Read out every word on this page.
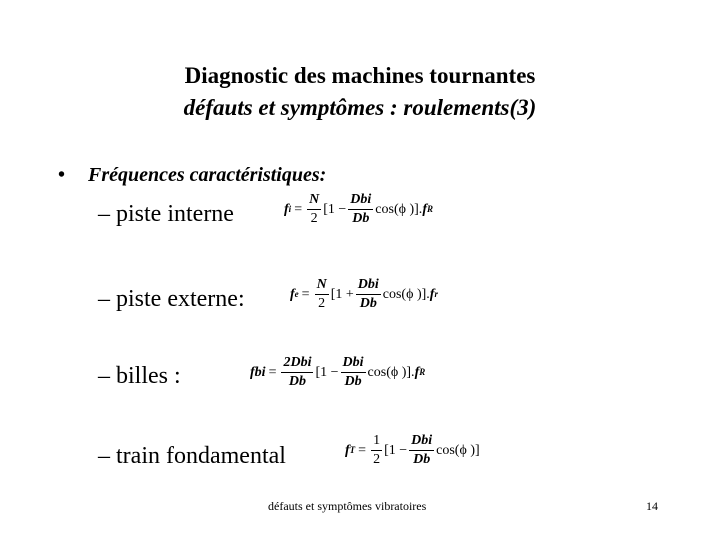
Diagnostic des machines tournantes
défauts et symptômes : roulements(3)
• Fréquences caractéristiques:
– piste interne
– piste externe:
– billes :
– train fondamental
f $i = \frac{N}{2} [1 - \frac{\text{Dbi}}{Db} \cos(\phi$ )]. f R
f $e = \frac{N}{2} [1 + \frac{\text{Dbi}}{Db} \cos(\phi$ )]. f r
fbi = $\frac{\text{2Dbi}}{Db} [1 - \frac{\text{Dbi}}{Db} \cos(\phi$ )]. f R
f $T = \frac{1}{2} [1 - \frac{\text{Dbi}}{Db} \cos(\phi$ )]
défauts et symptômes vibratoires	14
